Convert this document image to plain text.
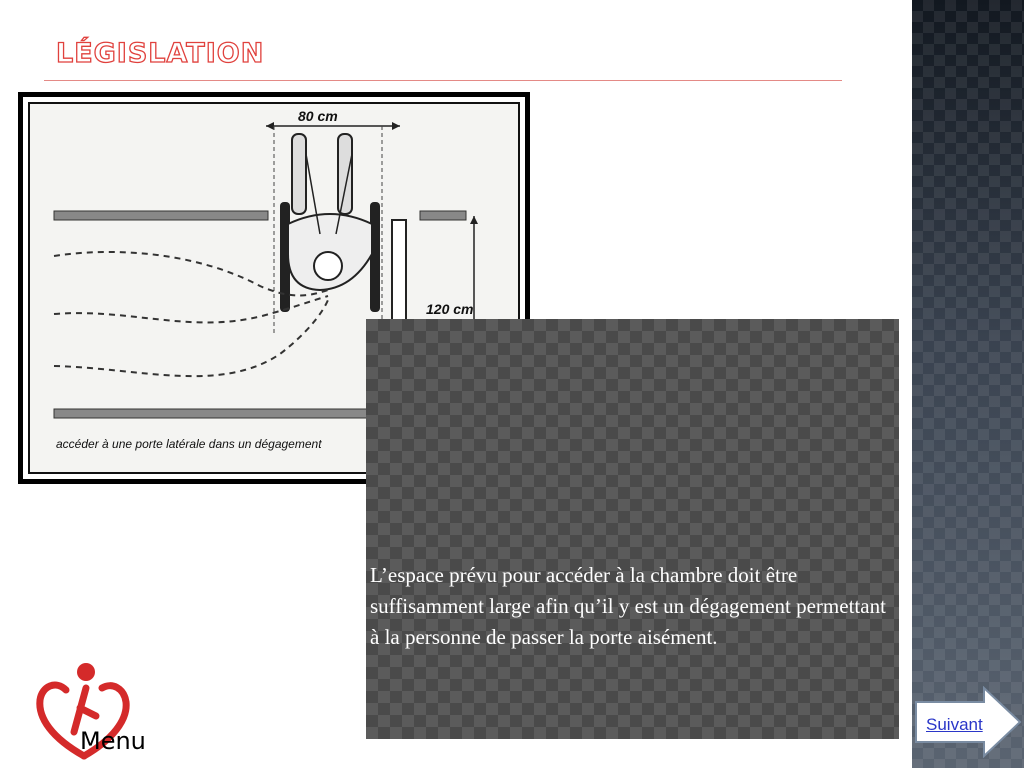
LÉGISLATION
80 cm
120 cm
accéder à une porte latérale dans un dégagement

L’espace prévu pour accéder à la chambre doit être suffisamment large afin qu’il y est un dégagement permettant à la personne de passer la porte aisément.

Menu

Suivant
